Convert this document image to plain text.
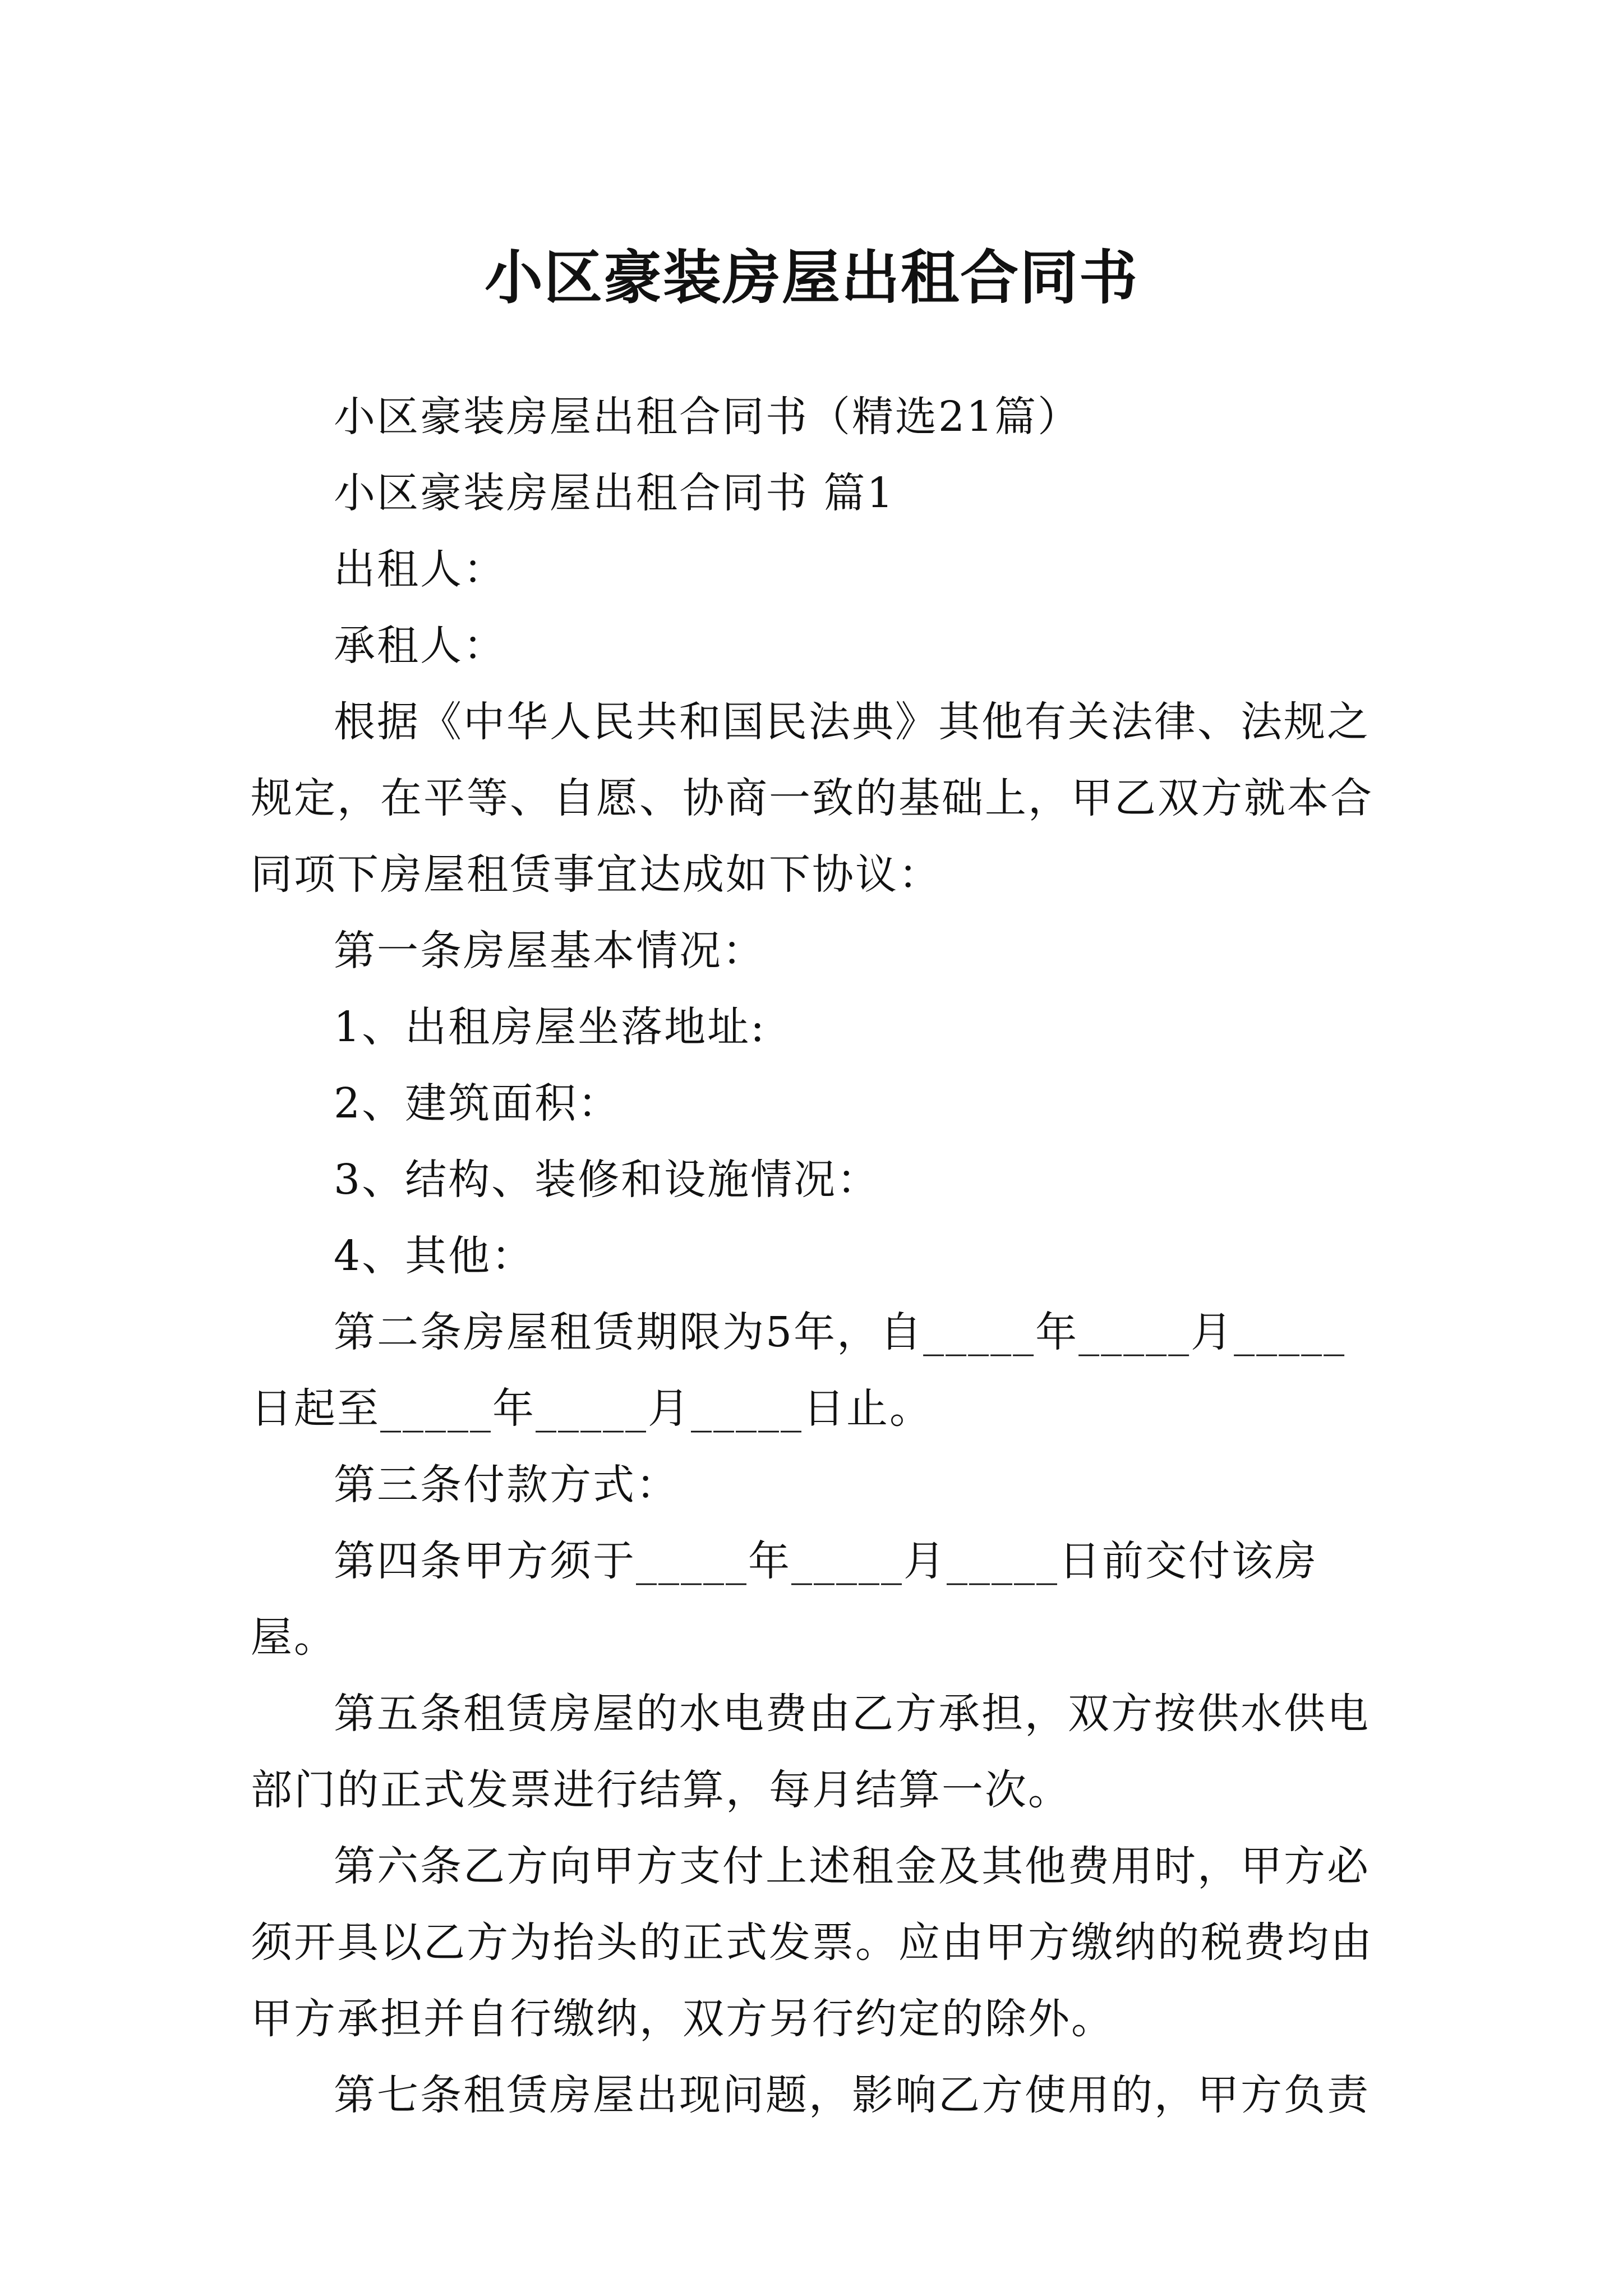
小区豪装房屋出租合同书

小区豪装房屋出租合同书（精选21篇）

小区豪装房屋出租合同书 篇1

出租人：

承租人：

根据《中华人民共和国民法典》其他有关法律、法规之规定，在平等、自愿、协商一致的基础上，甲乙双方就本合同项下房屋租赁事宜达成如下协议：

第一条房屋基本情况：

1、出租房屋坐落地址:

2、建筑面积：

3、结构、装修和设施情况：

4、其他：

第二条房屋租赁期限为5年，自_____年_____月_____日起至_____年_____月_____日止。

第三条付款方式：

第四条甲方须于_____年_____月_____日前交付该房屋。

第五条租赁房屋的水电费由乙方承担，双方按供水供电部门的正式发票进行结算，每月结算一次。

第六条乙方向甲方支付上述租金及其他费用时，甲方必须开具以乙方为抬头的正式发票。应由甲方缴纳的税费均由甲方承担并自行缴纳，双方另行约定的除外。

第七条租赁房屋出现问题，影响乙方使用的，甲方负责
